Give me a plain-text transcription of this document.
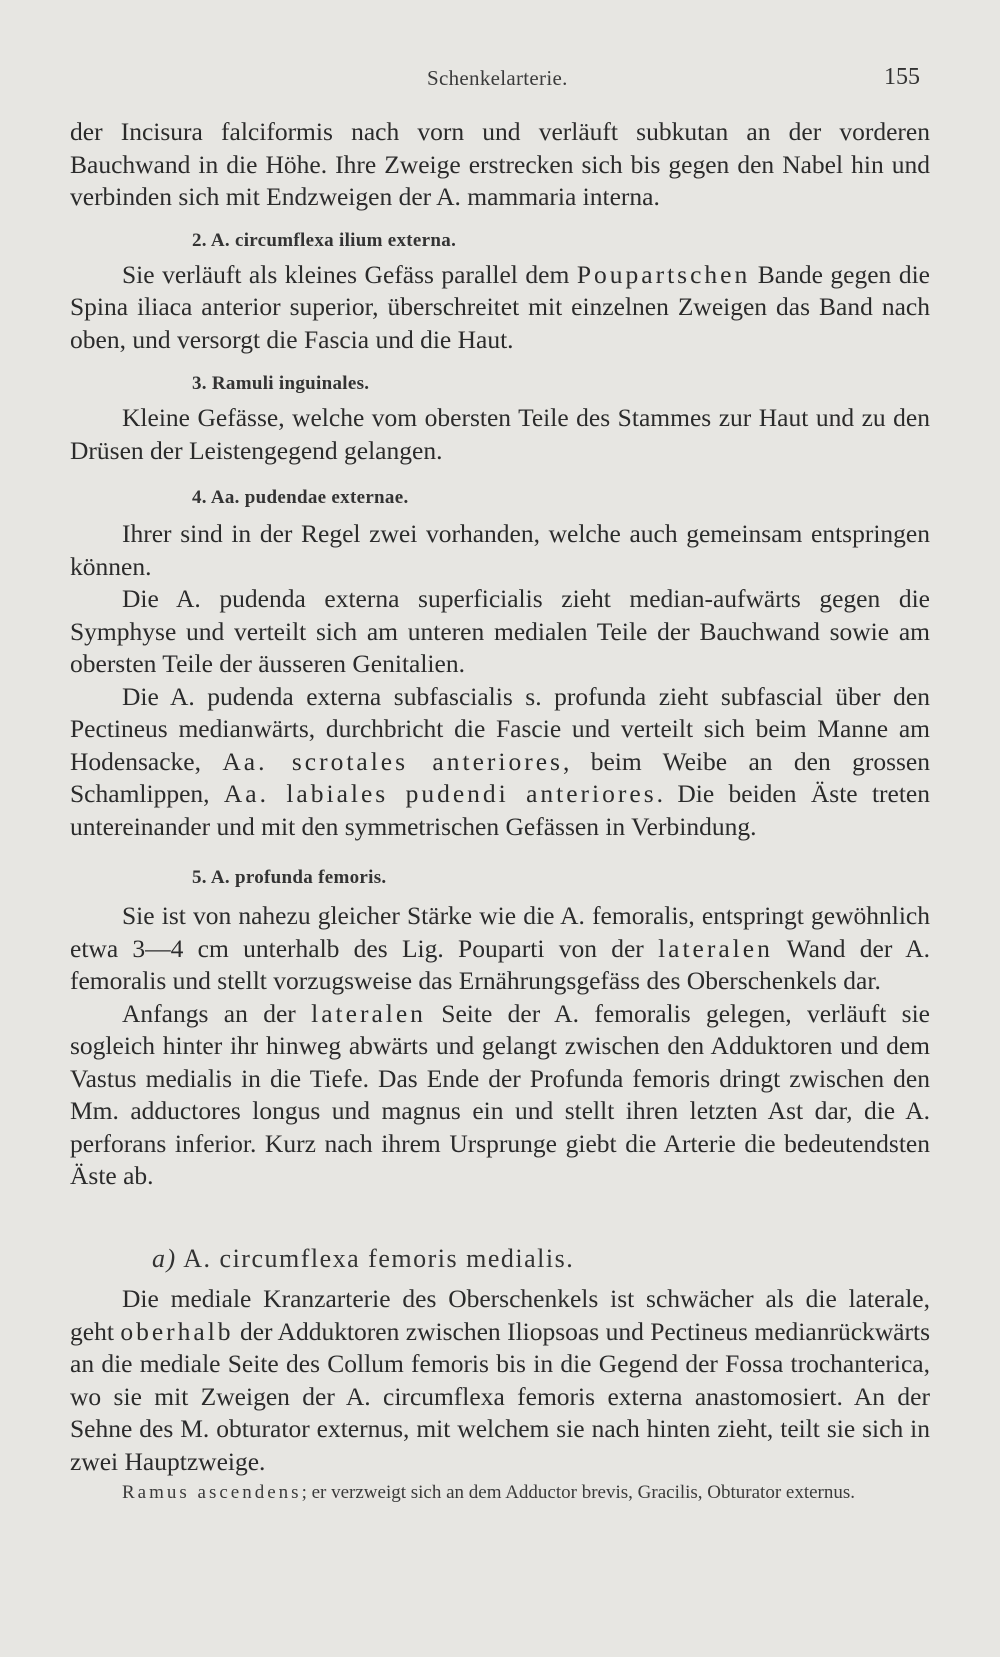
Schenkelarterie.	155

der Incisura falciformis nach vorn und verläuft subkutan an der vorderen Bauchwand in die Höhe. Ihre Zweige erstrecken sich bis gegen den Nabel hin und verbinden sich mit Endzweigen der A. mammaria interna.

2. A. circumflexa ilium externa.

Sie verläuft als kleines Gefäss parallel dem Poupartschen Bande gegen die Spina iliaca anterior superior, überschreitet mit einzelnen Zweigen das Band nach oben, und versorgt die Fascia und die Haut.

3. Ramuli inguinales.

Kleine Gefässe, welche vom obersten Teile des Stammes zur Haut und zu den Drüsen der Leistengegend gelangen.

4. Aa. pudendae externae.

Ihrer sind in der Regel zwei vorhanden, welche auch gemeinsam entspringen können.

Die A. pudenda externa superficialis zieht median-aufwärts gegen die Symphyse und verteilt sich am unteren medialen Teile der Bauchwand sowie am obersten Teile der äusseren Genitalien.

Die A. pudenda externa subfascialis s. profunda zieht subfascial über den Pectineus medianwärts, durchbricht die Fascie und verteilt sich beim Manne am Hodensacke, Aa. scrotales anteriores, beim Weibe an den grossen Schamlippen, Aa. labiales pudendi anteriores. Die beiden Äste treten untereinander und mit den symmetrischen Gefässen in Verbindung.

5. A. profunda femoris.

Sie ist von nahezu gleicher Stärke wie die A. femoralis, entspringt gewöhnlich etwa 3—4 cm unterhalb des Lig. Pouparti von der lateralen Wand der A. femoralis und stellt vorzugsweise das Ernährungsgefäss des Oberschenkels dar.

Anfangs an der lateralen Seite der A. femoralis gelegen, verläuft sie sogleich hinter ihr hinweg abwärts und gelangt zwischen den Adduktoren und dem Vastus medialis in die Tiefe. Das Ende der Profunda femoris dringt zwischen den Mm. adductores longus und magnus ein und stellt ihren letzten Ast dar, die A. perforans inferior. Kurz nach ihrem Ursprunge giebt die Arterie die bedeutendsten Äste ab.

a) A. circumflexa femoris medialis.

Die mediale Kranzarterie des Oberschenkels ist schwächer als die laterale, geht oberhalb der Adduktoren zwischen Iliopsoas und Pectineus medianrückwärts an die mediale Seite des Collum femoris bis in die Gegend der Fossa trochanterica, wo sie mit Zweigen der A. circumflexa femoris externa anastomosiert. An der Sehne des M. obturator externus, mit welchem sie nach hinten zieht, teilt sie sich in zwei Hauptzweige.

Ramus ascendens; er verzweigt sich an dem Adductor brevis, Gracilis, Obturator externus.
